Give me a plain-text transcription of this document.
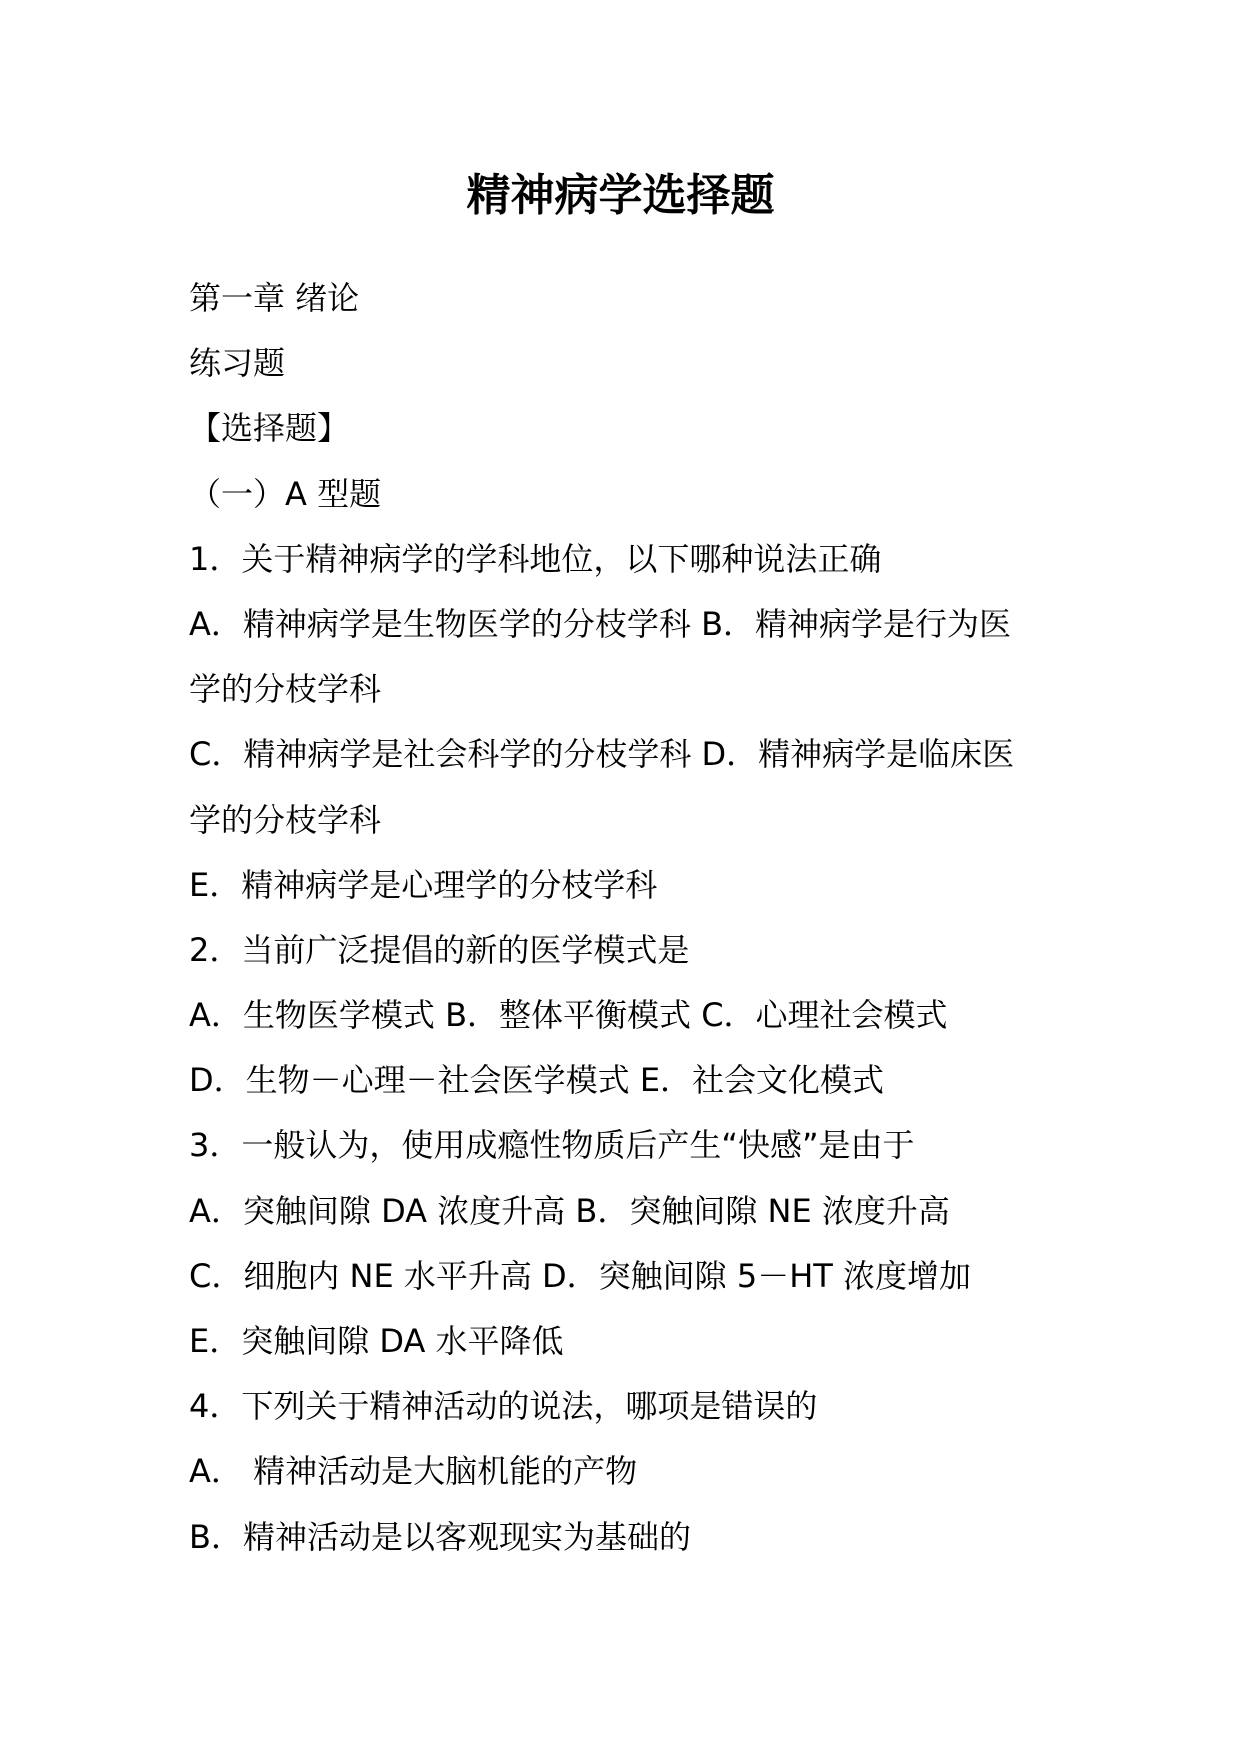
精神病学选择题

第一章 绪论

练习题

【选择题】

（一）A 型题

1．关于精神病学的学科地位，以下哪种说法正确

A．精神病学是生物医学的分枝学科 B．精神病学是行为医

学的分枝学科

C．精神病学是社会科学的分枝学科 D．精神病学是临床医

学的分枝学科

E．精神病学是心理学的分枝学科

2．当前广泛提倡的新的医学模式是

A．生物医学模式 B．整体平衡模式 C．心理社会模式

D．生物－心理－社会医学模式 E．社会文化模式

3．一般认为，使用成瘾性物质后产生“快感”是由于

A．突触间隙 DA 浓度升高 B．突触间隙 NE 浓度升高

C．细胞内 NE 水平升高 D．突触间隙 5－HT 浓度增加

E．突触间隙 DA 水平降低

4．下列关于精神活动的说法，哪项是错误的

A． 精神活动是大脑机能的产物

B．精神活动是以客观现实为基础的
